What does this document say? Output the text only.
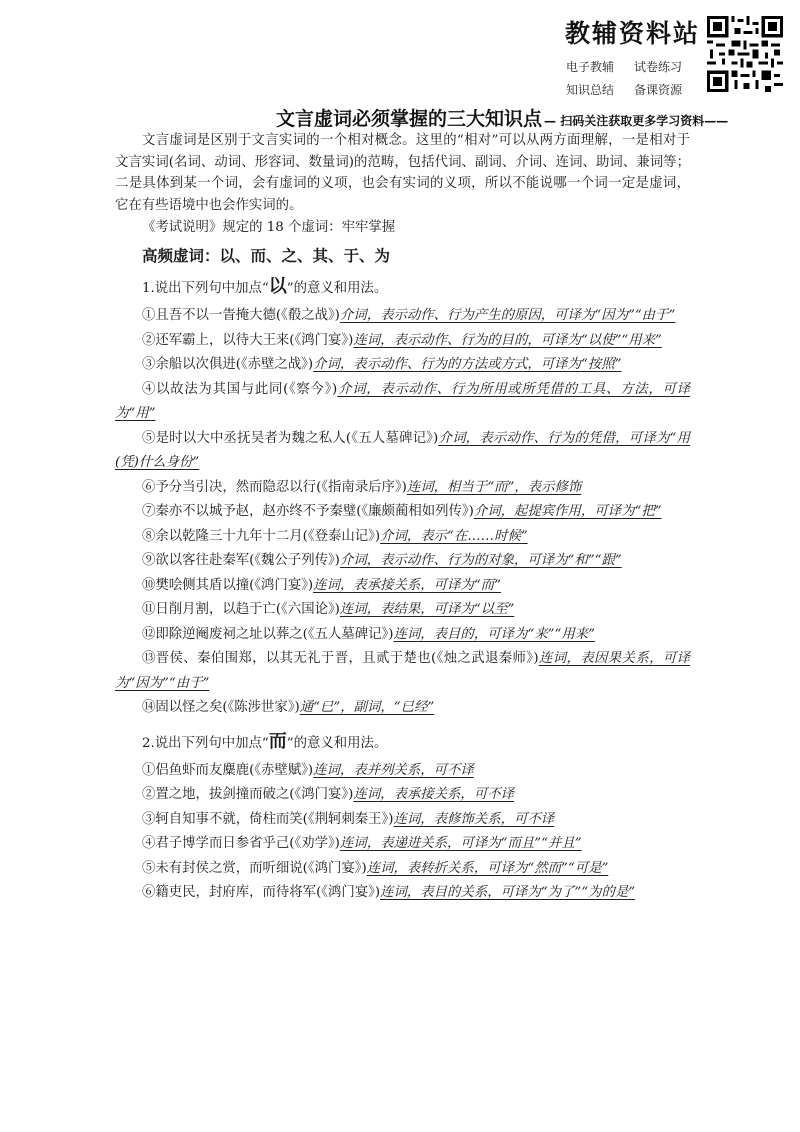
教辅资料站
电子教辅	试卷练习
知识总结	备课资源
文言虚词必须掌握的三大知识点 — 扫码关注获取更多学习资料——

文言虚词是区别于文言实词的一个相对概念。这里的“相对”可以从两方面理解，一是相对于文言实词(名词、动词、形容词、数量词)的范畴，包括代词、副词、介词、连词、助词、兼词等；二是具体到某一个词，会有虚词的义项，也会有实词的义项，所以不能说哪一个词一定是虚词，它在有些语境中也会作实词的。

《考试说明》规定的 18 个虚词：牢牢掌握

高频虚词：以、而、之、其、于、为

1.说出下列句中加点“以”的意义和用法。

①且吾不以一眚掩大德(《殽之战》)介词，表示动作、行为产生的原因，可译为“因为”“由于”

②还军霸上，以待大王来(《鸿门宴》)连词，表示动作、行为的目的，可译为“以使”“用来”

③余船以次俱进(《赤壁之战》)介词，表示动作、行为的方法或方式，可译为“按照”

④以故法为其国与此同(《察今》)介词，表示动作、行为所用或所凭借的工具、方法，可译为“用”

⑤是时以大中丞抚吴者为魏之私人(《五人墓碑记》)介词，表示动作、行为的凭借，可译为“用(凭)什么身份”

⑥予分当引决，然而隐忍以行(《指南录后序》)连词，相当于“而”，表示修饰

⑦秦亦不以城予赵，赵亦终不予秦璧(《廉颇蔺相如列传》)介词，起提宾作用，可译为“把”

⑧余以乾隆三十九年十二月(《登泰山记》)介词，表示“在……时候”

⑨欲以客往赴秦军(《魏公子列传》)介词，表示动作、行为的对象，可译为“和”“跟”

⑩樊哙侧其盾以撞(《鸿门宴》)连词，表承接关系，可译为“而”

⑪日削月割，以趋于亡(《六国论》)连词，表结果，可译为“以至”

⑫即除逆阉废祠之址以葬之(《五人墓碑记》)连词，表目的，可译为“来”“用来”

⑬晋侯、秦伯围郑，以其无礼于晋，且贰于楚也(《烛之武退秦师》)连词，表因果关系，可译为“因为”“由于”

⑭固以怪之矣(《陈涉世家》)通“已”，副词，“已经”

2.说出下列句中加点“而”的意义和用法。

①侣鱼虾而友麋鹿(《赤壁赋》)连词，表并列关系，可不译

②置之地，拔剑撞而破之(《鸿门宴》)连词，表承接关系，可不译

③轲自知事不就，倚柱而笑(《荆轲刺秦王》)连词，表修饰关系，可不译

④君子博学而日参省乎己(《劝学》)连词，表递进关系，可译为“而且”“并且”

⑤未有封侯之赏，而听细说(《鸿门宴》)连词，表转折关系，可译为“然而”“可是”

⑥籍吏民，封府库，而待将军(《鸿门宴》)连词，表目的关系，可译为“为了”“为的是”
